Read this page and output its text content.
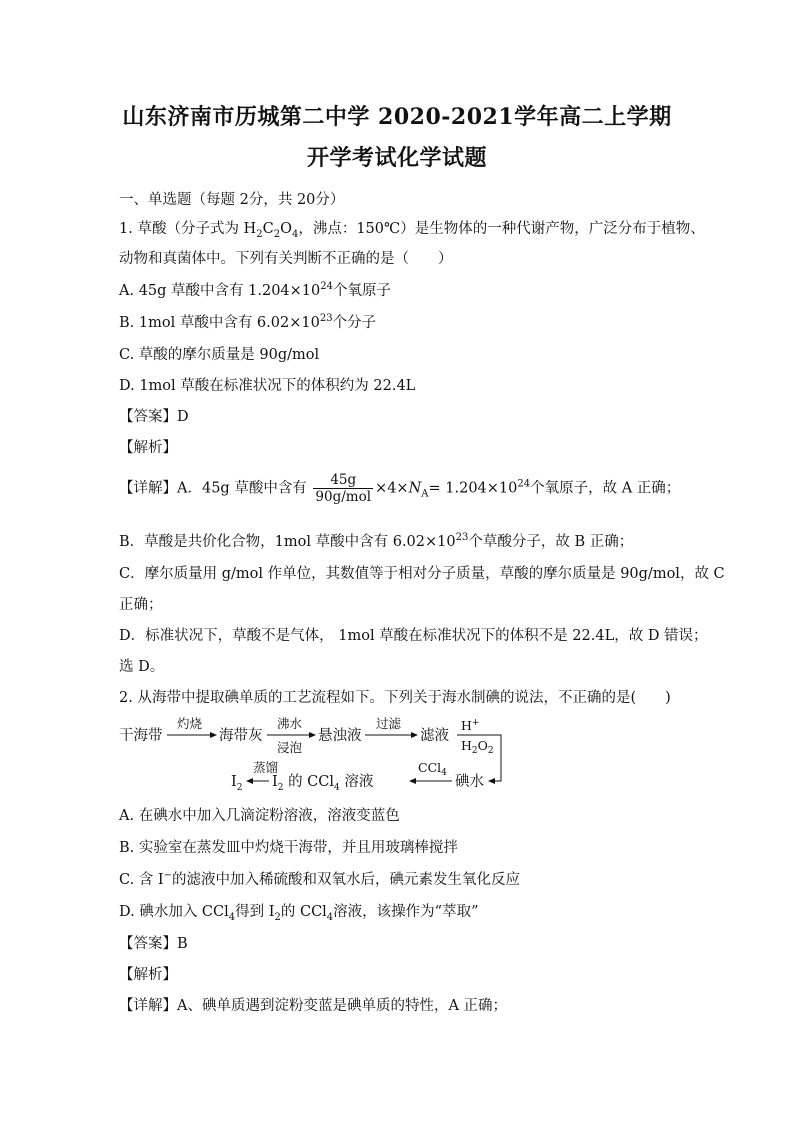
山东济南市历城第二中学 2020-2021学年高二上学期
开学考试化学试题
一、单选题（每题 2分，共 20分）
1. 草酸（分子式为 $H_2C_2O_4$，沸点：150℃）是生物体的一种代谢产物，广泛分布于植物、
动物和真菌体中。下列有关判断不正确的是（　　）
A. 45g 草酸中含有 $1.204\times 10^{24}$个氧原子
B. 1mol 草酸中含有 $6.02\times 10^{23}$个分子
C. 草酸的摩尔质量是 90g/mol
D. 1mol 草酸在标准状况下的体积约为 22.4L
【答案】D
【解析】
【详解】A．45g 草酸中含有 $\frac{45g}{\text{90g/mol}} \times 4\times N_A= 1.204\times 10^{24}$个氧原子，故 A 正确；
B．草酸是共价化合物，1mol 草酸中含有 $6.02\times 10^{23}$个草酸分子，故 B 正确；
C．摩尔质量用 g/mol 作单位，其数值等于相对分子质量，草酸的摩尔质量是 90g/mol，故 C
正确；
D．标准状况下，草酸不是气体， 1mol 草酸在标准状况下的体积不是 22.4L，故 D 错误；
选 D。
2. 从海带中提取碘单质的工艺流程如下。下列关于海水制碘的说法，不正确的是(　　)
干海带
灼烧
海带灰
沸水
浸泡
悬浊液
过滤
滤液
H+
$H_2O_2$
碘水
CCl$_4$
$I_2$ 的 CCl$_4$ 溶液
蒸馏
$I_2$
A. 在碘水中加入几滴淀粉溶液，溶液变蓝色
B. 实验室在蒸发皿中灼烧干海带，并且用玻璃棒搅拌
C. 含 I−的滤液中加入稀硫酸和双氧水后，碘元素发生氧化反应
D. 碘水加入 CCl$_4$得到 $I_2$的 CCl$_4$溶液，该操作为“萃取”
【答案】B
【解析】
【详解】A、碘单质遇到淀粉变蓝是碘单质的特性，A 正确；
